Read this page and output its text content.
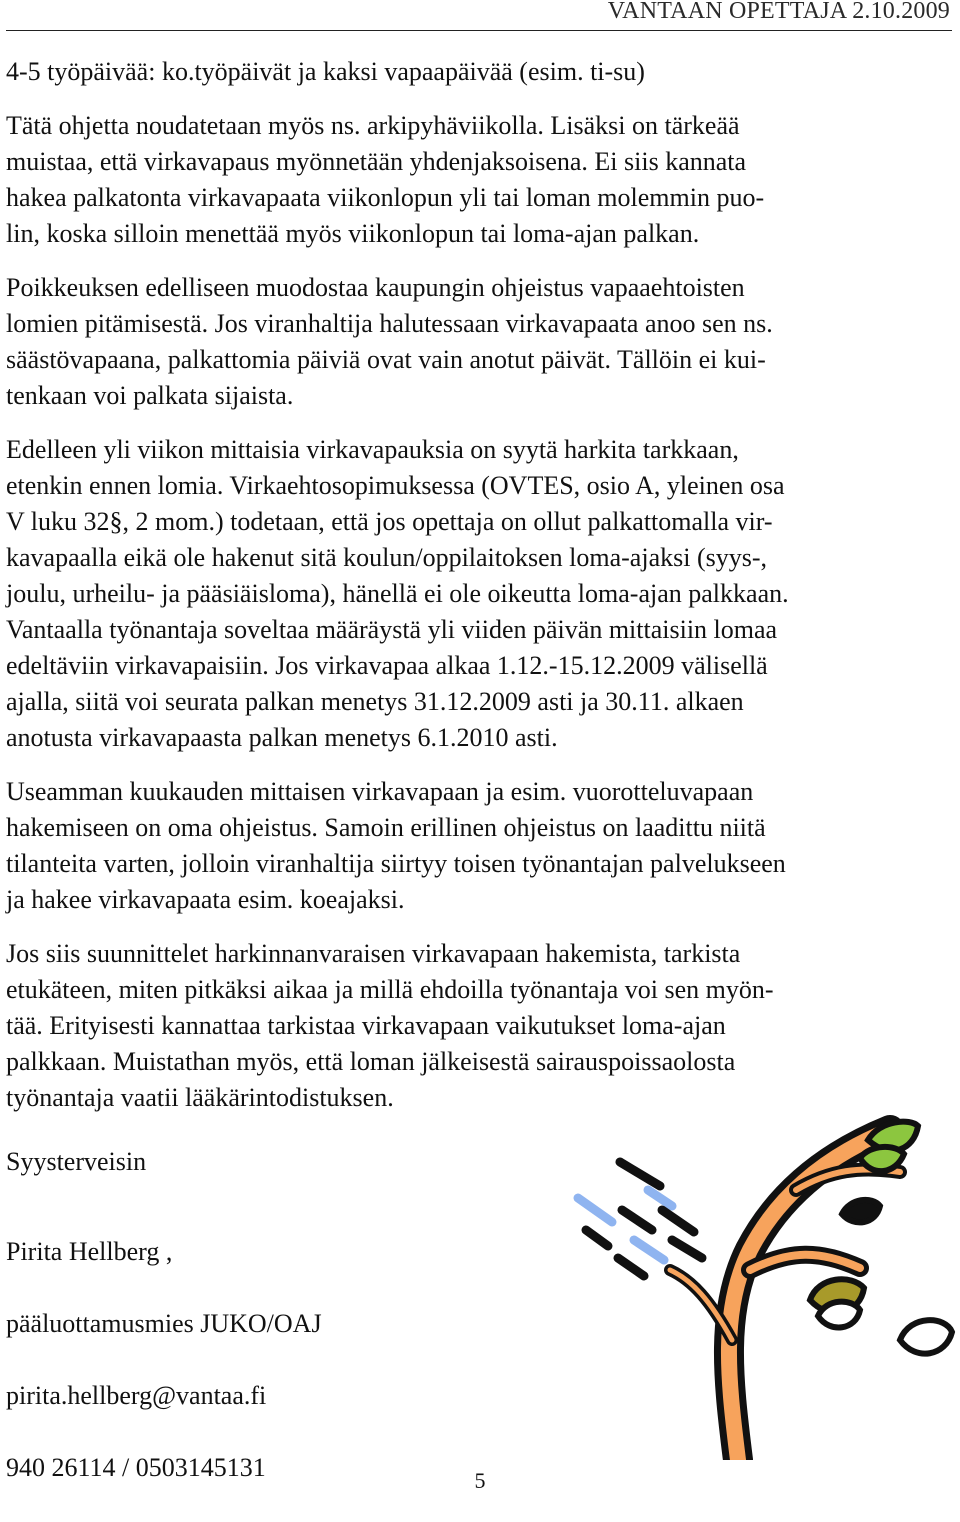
VANTAAN OPETTAJA 2.10.2009

4-5 työpäivää: ko.työpäivät ja kaksi vapaapäivää (esim. ti-su)

Tätä ohjetta noudatetaan myös ns. arkipyhäviikolla. Lisäksi on tärkeää
muistaa, että virkavapaus myönnetään yhdenjaksoisena. Ei siis kannata
hakea palkatonta virkavapaata viikonlopun yli tai loman molemmin puo-
lin, koska silloin menettää myös viikonlopun tai loma-ajan palkan.

Poikkeuksen edelliseen muodostaa kaupungin ohjeistus vapaaehtoisten
lomien pitämisestä. Jos viranhaltija halutessaan virkavapaata anoo sen ns.
säästövapaana, palkattomia päiviä ovat vain anotut päivät. Tällöin ei kui-
tenkaan voi palkata sijaista.

Edelleen yli viikon mittaisia virkavapauksia on syytä harkita tarkkaan,
etenkin ennen lomia. Virkaehtosopimuksessa (OVTES, osio A, yleinen osa
V luku 32§, 2 mom.) todetaan, että jos opettaja on ollut palkattomalla vir-
kavapaalla eikä ole hakenut sitä koulun/oppilaitoksen loma-ajaksi (syys-,
joulu, urheilu- ja pääsiäisloma), hänellä ei ole oikeutta loma-ajan palkkaan.
Vantaalla työnantaja soveltaa määräystä yli viiden päivän mittaisiin lomaa
edeltäviin virkavapaisiin. Jos virkavapaa alkaa 1.12.-15.12.2009 välisellä
ajalla, siitä voi seurata palkan menetys 31.12.2009 asti ja 30.11. alkaen
anotusta virkavapaasta palkan menetys 6.1.2010 asti.

Useamman kuukauden mittaisen virkavapaan ja esim. vuorotteluvapaan
hakemiseen on oma ohjeistus. Samoin erillinen ohjeistus on laadittu niitä
tilanteita varten, jolloin viranhaltija siirtyy toisen työnantajan palvelukseen
ja hakee virkavapaata esim. koeajaksi.

Jos siis suunnittelet harkinnanvaraisen virkavapaan hakemista, tarkista
etukäteen, miten pitkäksi aikaa ja millä ehdoilla työnantaja voi sen myön-
tää. Erityisesti kannattaa tarkistaa virkavapaan vaikutukset loma-ajan
palkkaan. Muistathan myös, että loman jälkeisestä sairauspoissaolosta
työnantaja vaatii lääkärintodistuksen.

Syysterveisin

Pirita Hellberg ,

pääluottamusmies JUKO/OAJ

pirita.hellberg@vantaa.fi

940 26114 / 0503145131	5
